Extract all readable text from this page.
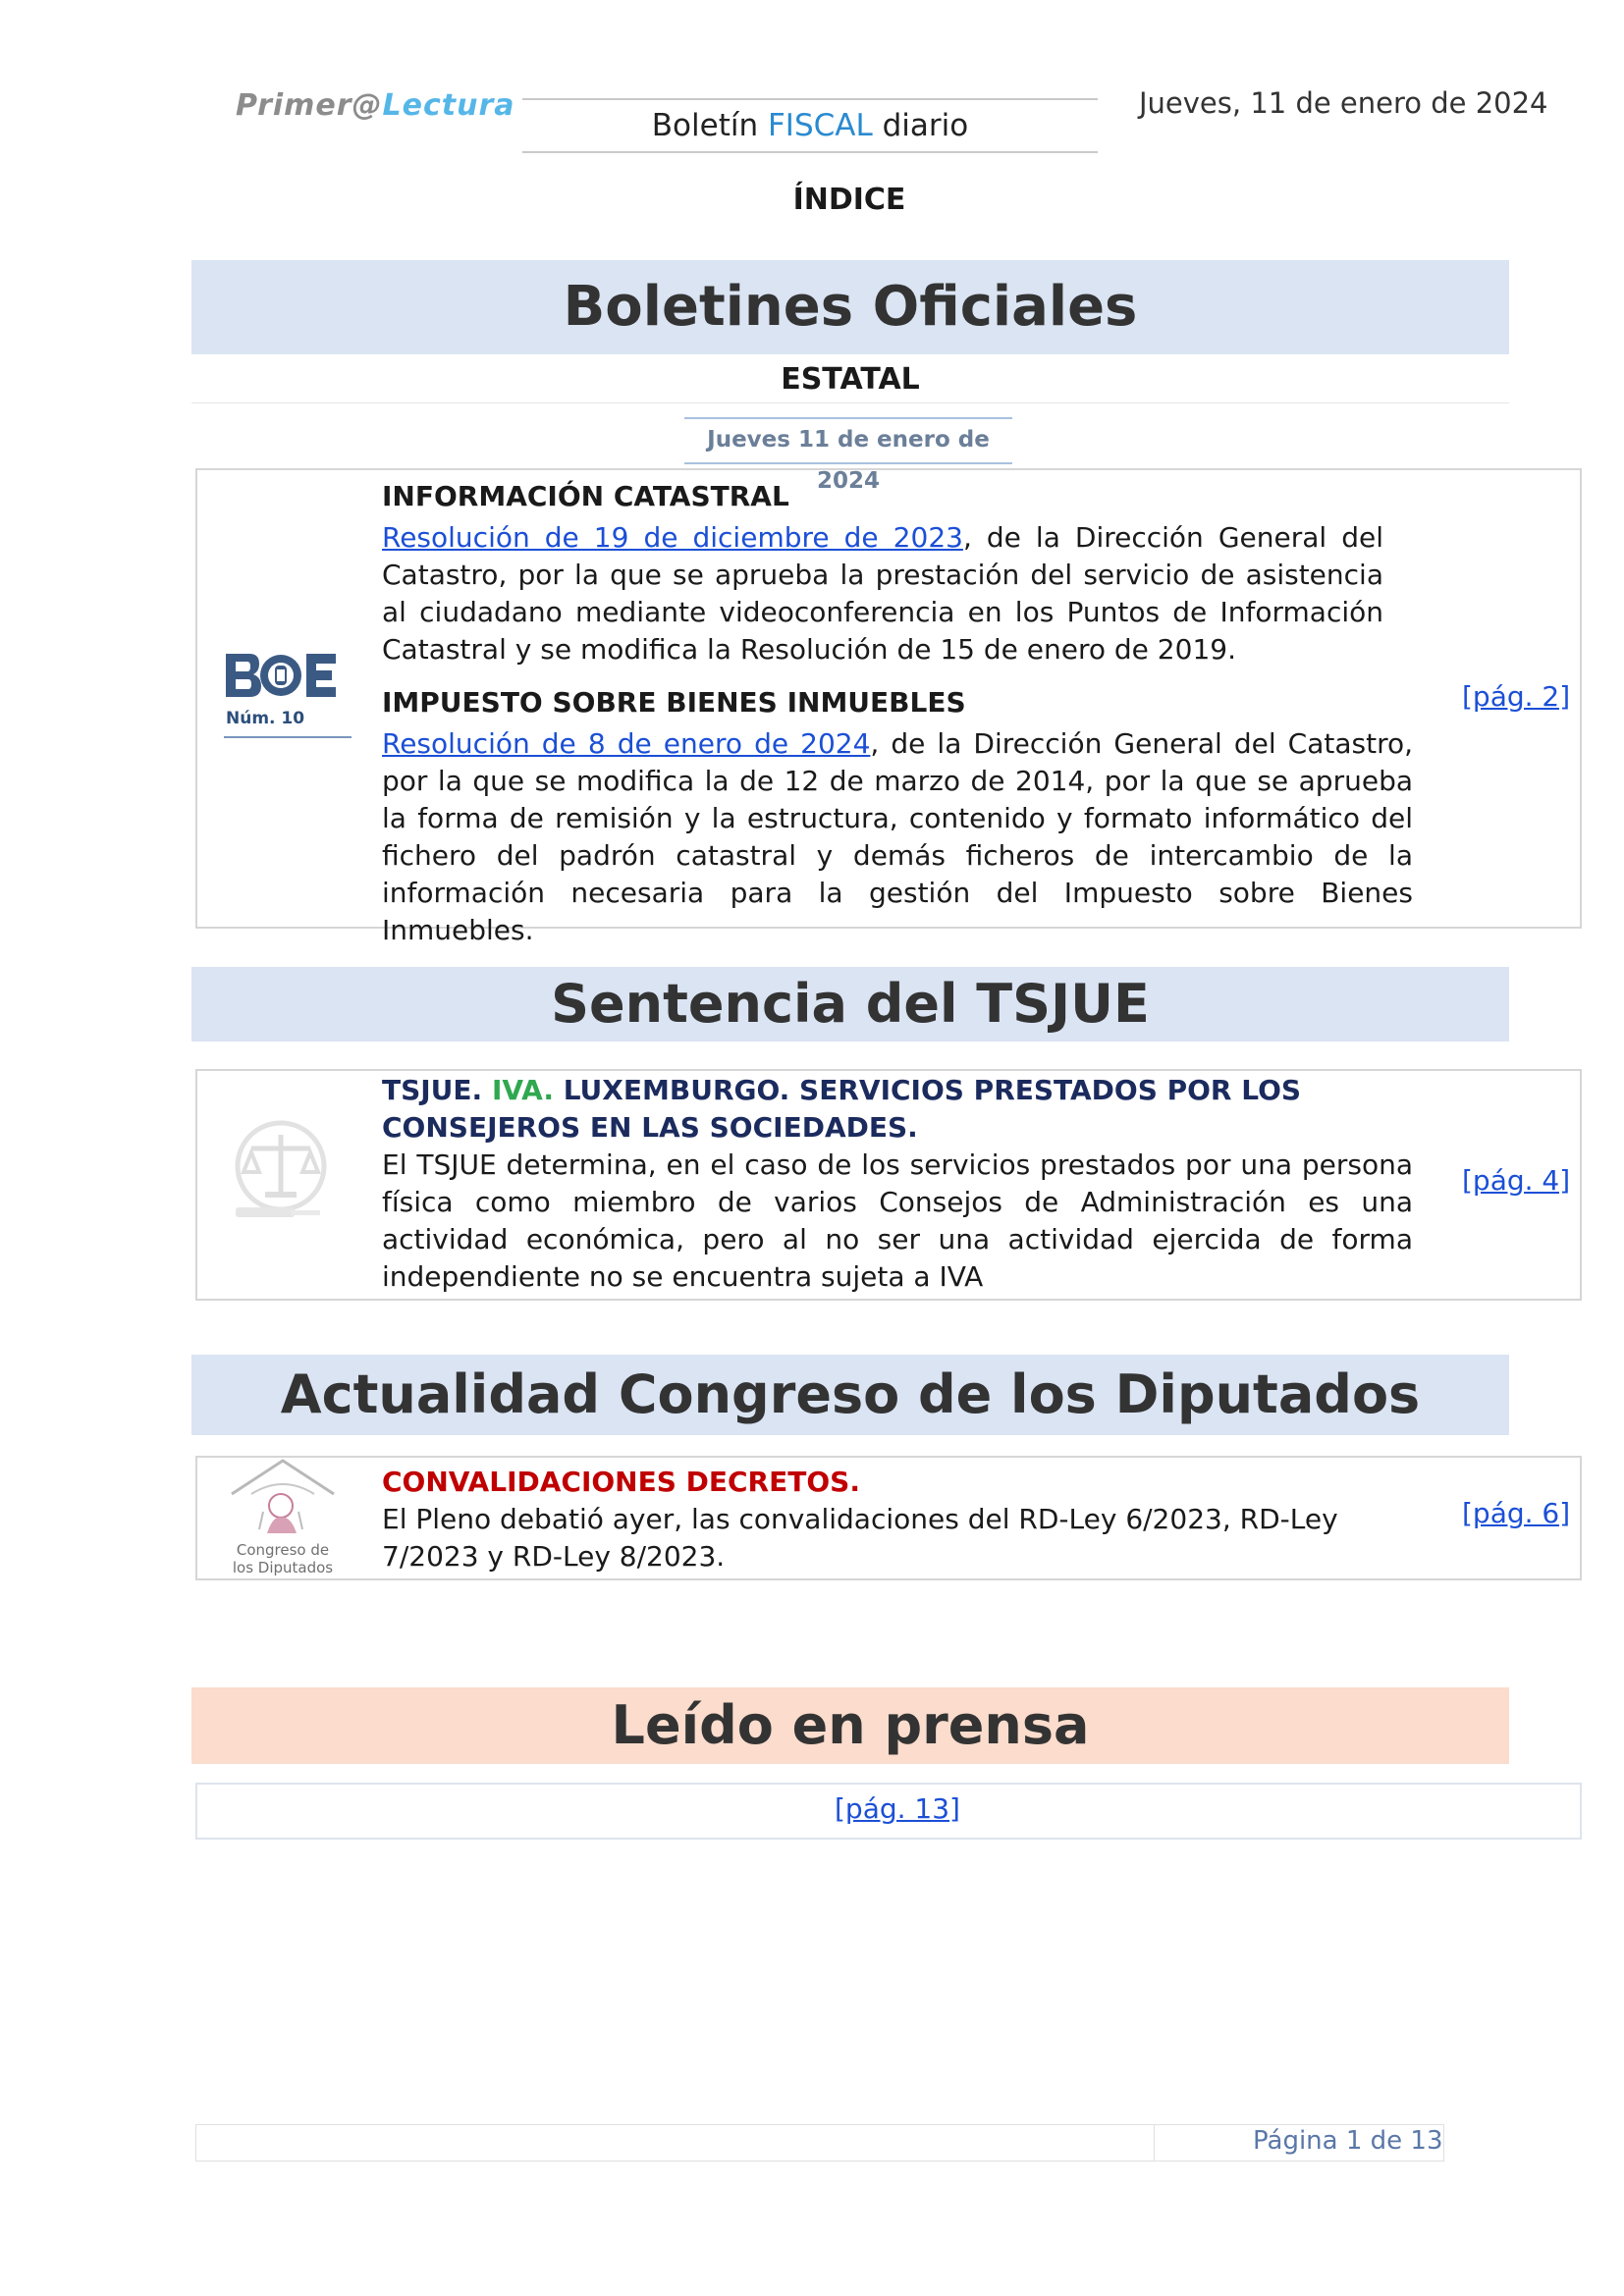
Primer@Lectura
Boletín FISCAL diario
Jueves, 11 de enero de 2024
ÍNDICE
Boletines Oficiales
ESTATAL
Jueves 11 de enero de 2024
Núm. 10
INFORMACIÓN CATASTRAL

Resolución de 19 de diciembre de 2023, de la Dirección General del Catastro, por la que se aprueba la prestación del servicio de asistencia al ciudadano mediante videoconferencia en los Puntos de Información Catastral y se modifica la Resolución de 15 de enero de 2019.

IMPUESTO SOBRE BIENES INMUEBLES

Resolución de 8 de enero de 2024, de la Dirección General del Catastro, por la que se modifica la de 12 de marzo de 2014, por la que se aprueba la forma de remisión y la estructura, contenido y formato informático del fichero del padrón catastral y demás ficheros de intercambio de la información necesaria para la gestión del Impuesto sobre Bienes Inmuebles.

[pág. 2]
Sentencia del TSJUE

TSJUE. IVA. LUXEMBURGO. SERVICIOS PRESTADOS POR LOS CONSEJEROS EN LAS SOCIEDADES.

El TSJUE determina, en el caso de los servicios prestados por una persona física como miembro de varios Consejos de Administración es una actividad económica, pero al no ser una actividad ejercida de forma independiente no se encuentra sujeta a IVA

[pág. 4]
Actualidad Congreso de los Diputados
Congreso de
los Diputados
CONVALIDACIONES DECRETOS.

El Pleno debatió ayer, las convalidaciones del RD-Ley 6/2023, RD-Ley 7/2023 y RD-Ley 8/2023.

[pág. 6]
Leído en prensa
[pág. 13]
Página 1 de 13
